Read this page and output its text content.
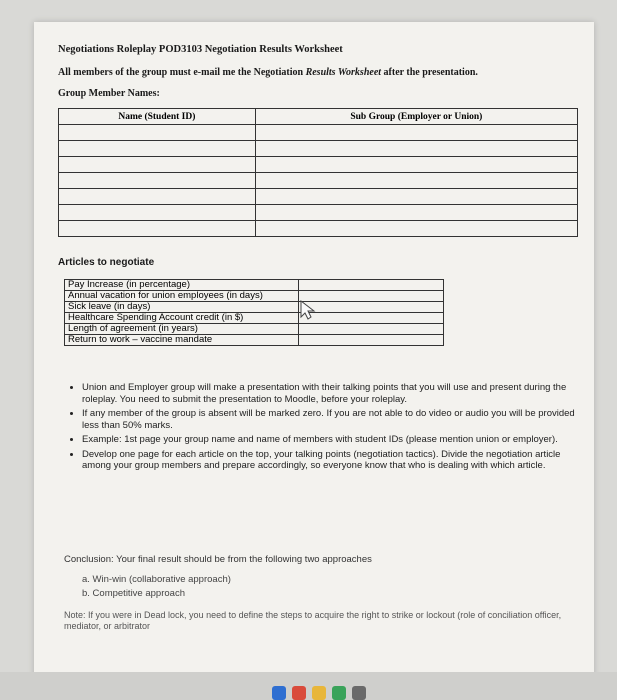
Negotiations Roleplay POD3103 Negotiation Results Worksheet
All members of the group must e-mail me the Negotiation Results Worksheet after the presentation.
Group Member Names:
Name (Student ID)	Sub Group (Employer or Union)

Articles to negotiate
Pay Increase (in percentage)	
Annual vacation for union employees (in days)	
Sick leave (in days)	
Healthcare Spending Account credit (in $)	
Length of agreement (in years)	
Return to work – vaccine mandate	
• Union and Employer group will make a presentation with their talking points that you will use and present during the roleplay. You need to submit the presentation to Moodle, before your roleplay.
• If any member of the group is absent will be marked zero. If you are not able to do video or audio you will be provided less than 50% marks.
• Example: 1st page your group name and name of members with student IDs (please mention union or employer).
• Develop one page for each article on the top, your talking points (negotiation tactics). Divide the negotiation article among your group members and prepare accordingly, so everyone know that who is dealing with which article.
Conclusion: Your final result should be from the following two approaches
a. Win-win (collaborative approach)
b. Competitive approach
Note: If you were in Dead lock, you need to define the steps to acquire the right to strike or lockout (role of conciliation officer, mediator, or arbitrator
